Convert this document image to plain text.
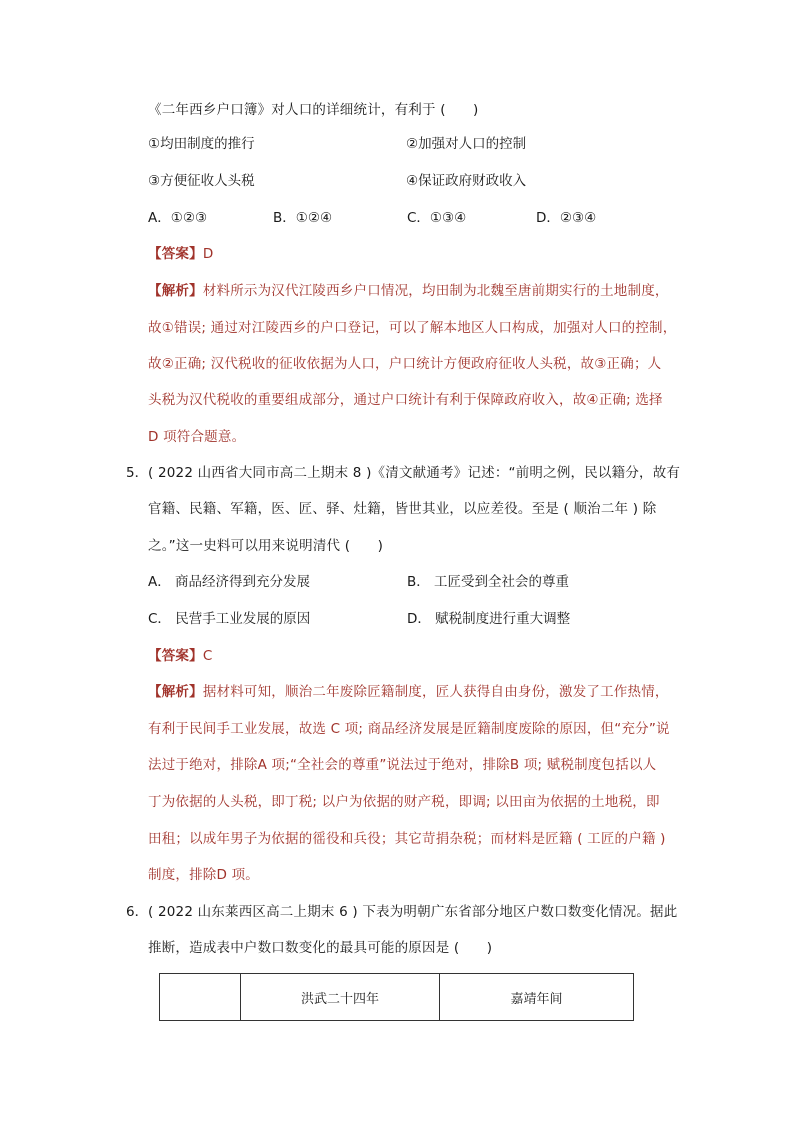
《二年西乡户口簿》对人口的详细统计，有利于 (　　)
①均田制度的推行	②加强对人口的控制
③方便征收人头税	④保证政府财政收入
A．①②③	B．①②④	C．①③④	D．②③④
【答案】D
【解析】材料所示为汉代江陵西乡户口情况，均田制为北魏至唐前期实行的土地制度，
故①错误; 通过对江陵西乡的户口登记，可以了解本地区人口构成，加强对人口的控制，
故②正确; 汉代税收的征收依据为人口，户口统计方便政府征收人头税，故③正确；人
头税为汉代税收的重要组成部分，通过户口统计有利于保障政府收入，故④正确; 选择
D 项符合题意。
5． ( 2022 山西省大同市高二上期末 8 )《清文献通考》记述：“前明之例，民以籍分，故有
官籍、民籍、军籍，医、匠、驿、灶籍，皆世其业，以应差役。至是 ( 顺治二年 ) 除
之。”这一史料可以用来说明清代 (　　)
A． 商品经济得到充分发展	B． 工匠受到全社会的尊重
C． 民营手工业发展的原因	D． 赋税制度进行重大调整
【答案】C
【解析】据材料可知，顺治二年废除匠籍制度，匠人获得自由身份，激发了工作热情，
有利于民间手工业发展，故选 C 项; 商品经济发展是匠籍制度废除的原因，但“充分”说
法过于绝对，排除A 项;“全社会的尊重”说法过于绝对，排除B 项; 赋税制度包括以人
丁为依据的人头税，即丁税; 以户为依据的财产税，即调; 以田亩为依据的土地税，即
田租；以成年男子为依据的徭役和兵役；其它苛捐杂税；而材料是匠籍 ( 工匠的户籍 )
制度，排除D 项。
6． ( 2022 山东莱西区高二上期末 6 ) 下表为明朝广东省部分地区户数口数变化情况。据此
推断，造成表中户数口数变化的最具可能的原因是 (　　)
	洪武二十四年	嘉靖年间
